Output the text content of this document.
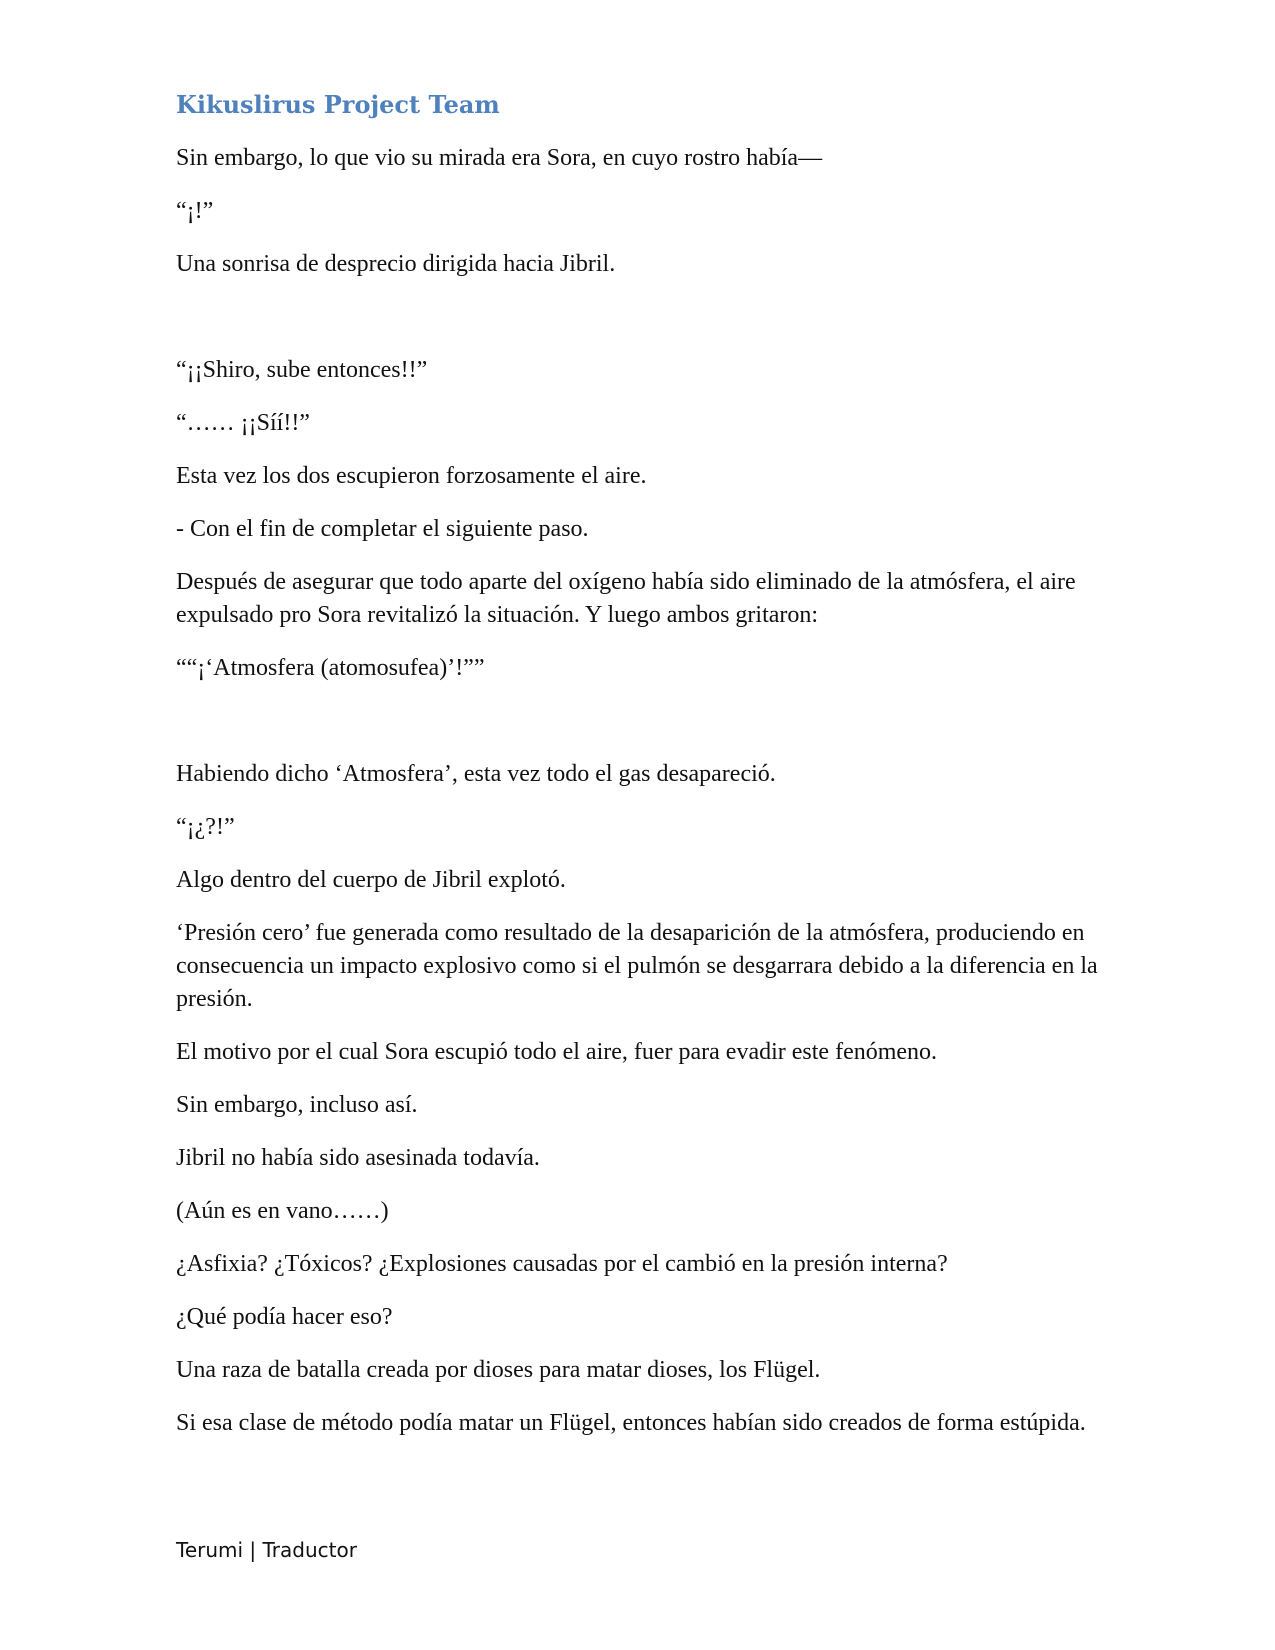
Kikuslirus Project Team

Sin embargo, lo que vio su mirada era Sora, en cuyo rostro había—

“¡!”

Una sonrisa de desprecio dirigida hacia Jibril.

“¡¡Shiro, sube entonces!!”

“…… ¡¡Síí!!”

Esta vez los dos escupieron forzosamente el aire.

- Con el fin de completar el siguiente paso.

Después de asegurar que todo aparte del oxígeno había sido eliminado de la atmósfera, el aire expulsado pro Sora revitalizó la situación. Y luego ambos gritaron:

““¡‘Atmosfera (atomosufea)’!””

Habiendo dicho ‘Atmosfera’, esta vez todo el gas desapareció.

“¡¿?!”

Algo dentro del cuerpo de Jibril explotó.

‘Presión cero’ fue generada como resultado de la desaparición de la atmósfera, produciendo en consecuencia un impacto explosivo como si el pulmón se desgarrara debido a la diferencia en la presión.

El motivo por el cual Sora escupió todo el aire, fuer para evadir este fenómeno.

Sin embargo, incluso así.

Jibril no había sido asesinada todavía.

(Aún es en vano……)

¿Asfixia? ¿Tóxicos? ¿Explosiones causadas por el cambió en la presión interna?

¿Qué podía hacer eso?

Una raza de batalla creada por dioses para matar dioses, los Flügel.

Si esa clase de método podía matar un Flügel, entonces habían sido creados de forma estúpida.

Terumi | Traductor
